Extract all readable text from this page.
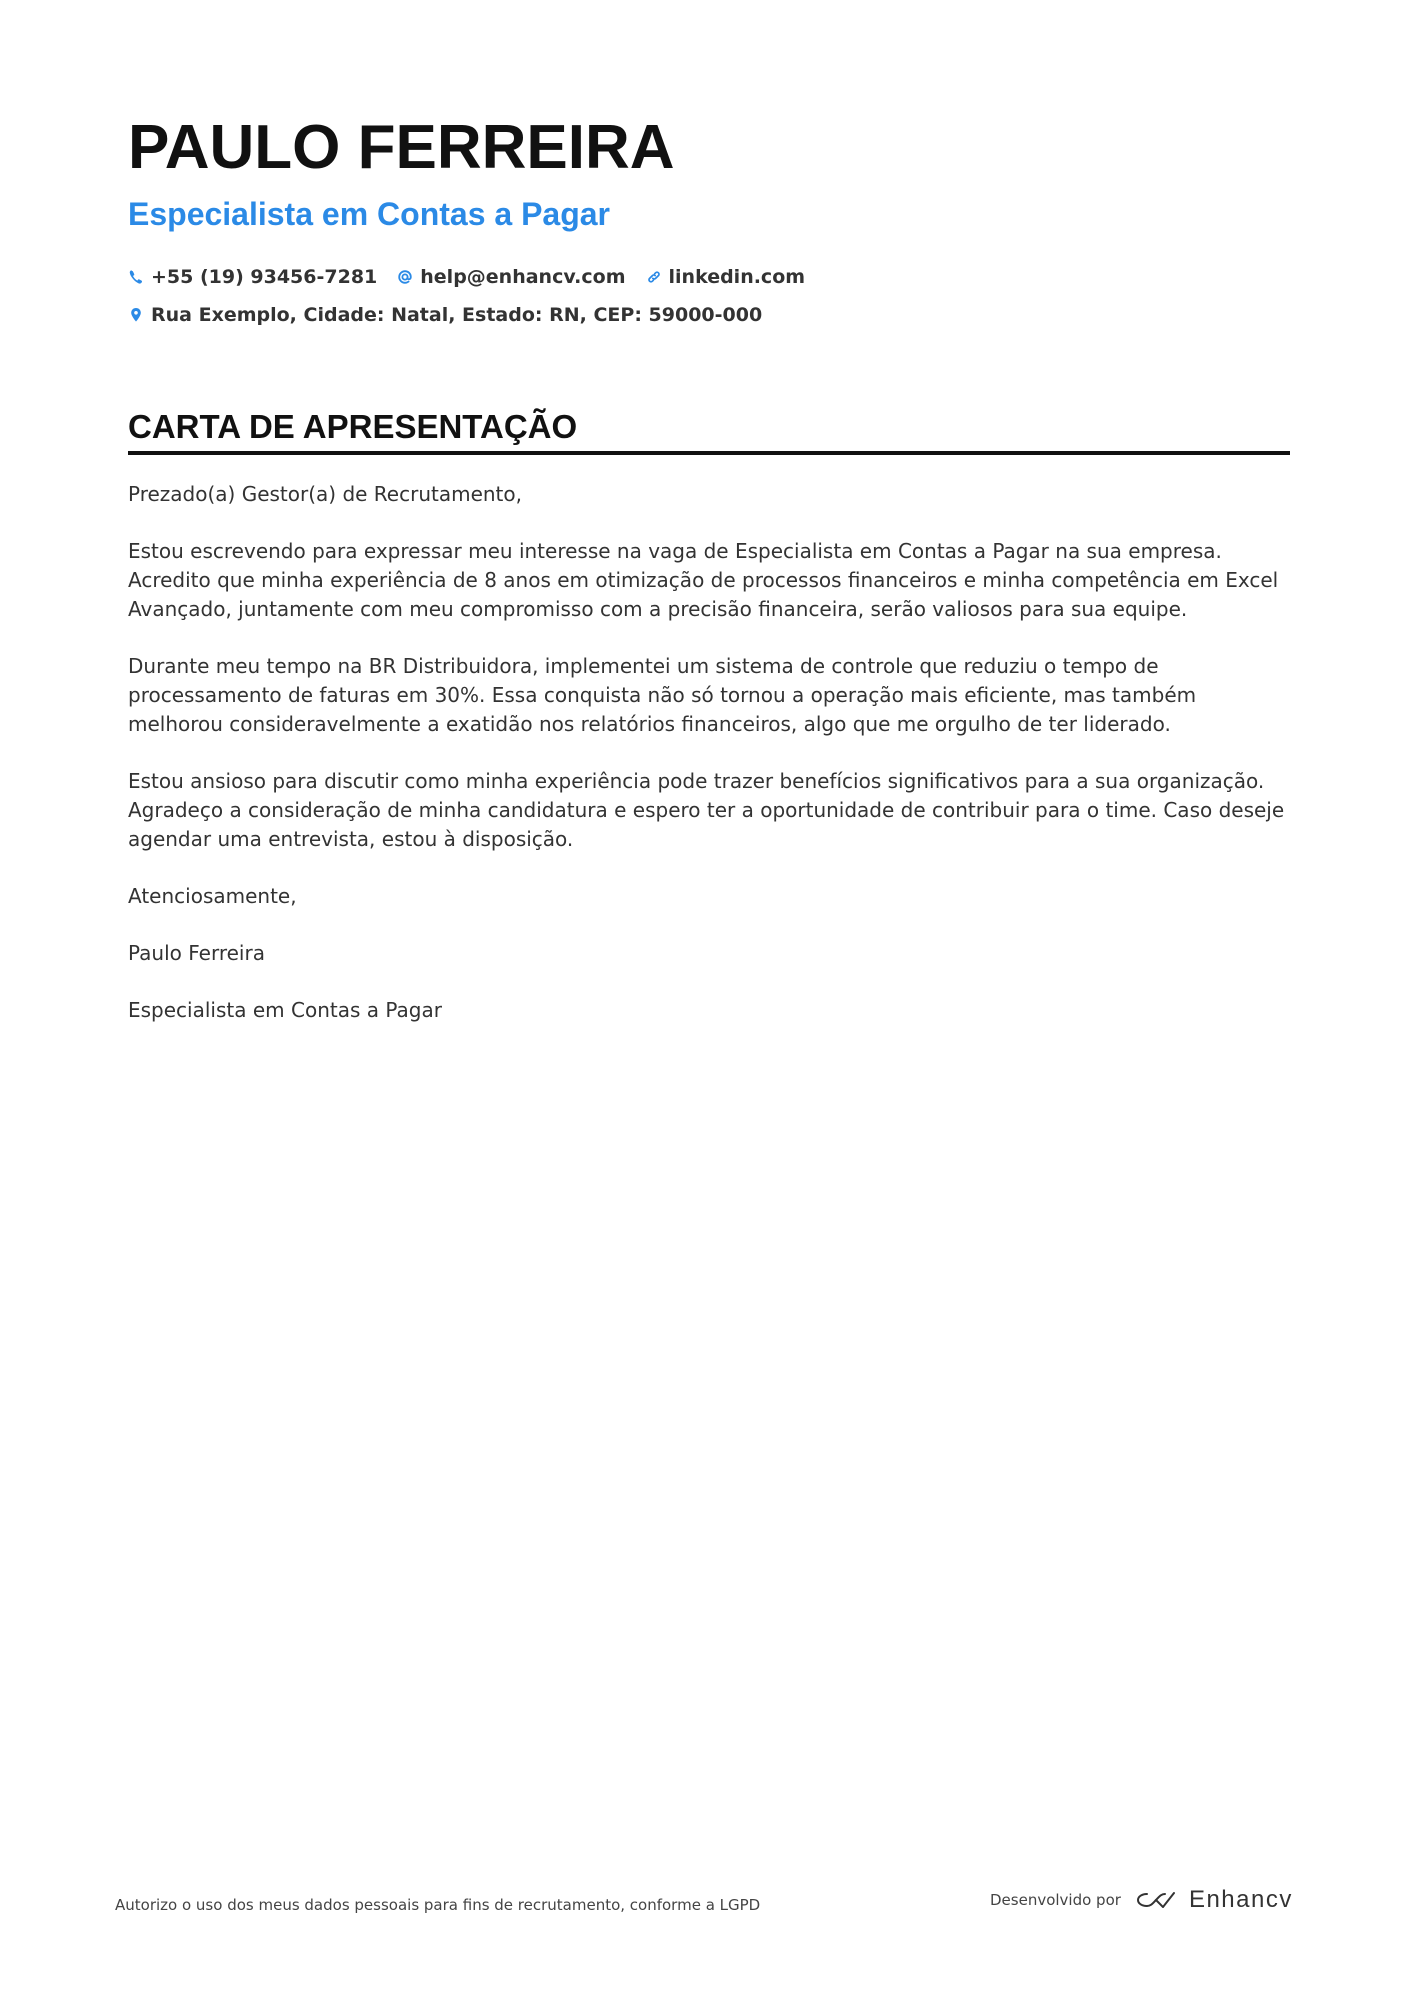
PAULO FERREIRA
Especialista em Contas a Pagar
+55 (19) 93456-7281 help@enhancv.com linkedin.com
Rua Exemplo, Cidade: Natal, Estado: RN, CEP: 59000-000
CARTA DE APRESENTAÇÃO

Prezado(a) Gestor(a) de Recrutamento,

Estou escrevendo para expressar meu interesse na vaga de Especialista em Contas a Pagar na sua empresa. Acredito que minha experiência de 8 anos em otimização de processos financeiros e minha competência em Excel Avançado, juntamente com meu compromisso com a precisão financeira, serão valiosos para sua equipe.

Durante meu tempo na BR Distribuidora, implementei um sistema de controle que reduziu o tempo de processamento de faturas em 30%. Essa conquista não só tornou a operação mais eficiente, mas também melhorou consideravelmente a exatidão nos relatórios financeiros, algo que me orgulho de ter liderado.

Estou ansioso para discutir como minha experiência pode trazer benefícios significativos para a sua organização. Agradeço a consideração de minha candidatura e espero ter a oportunidade de contribuir para o time. Caso deseje agendar uma entrevista, estou à disposição.

Atenciosamente,

Paulo Ferreira

Especialista em Contas a Pagar

Autorizo o uso dos meus dados pessoais para fins de recrutamento, conforme a LGPD	Desenvolvido por	Enhancv
